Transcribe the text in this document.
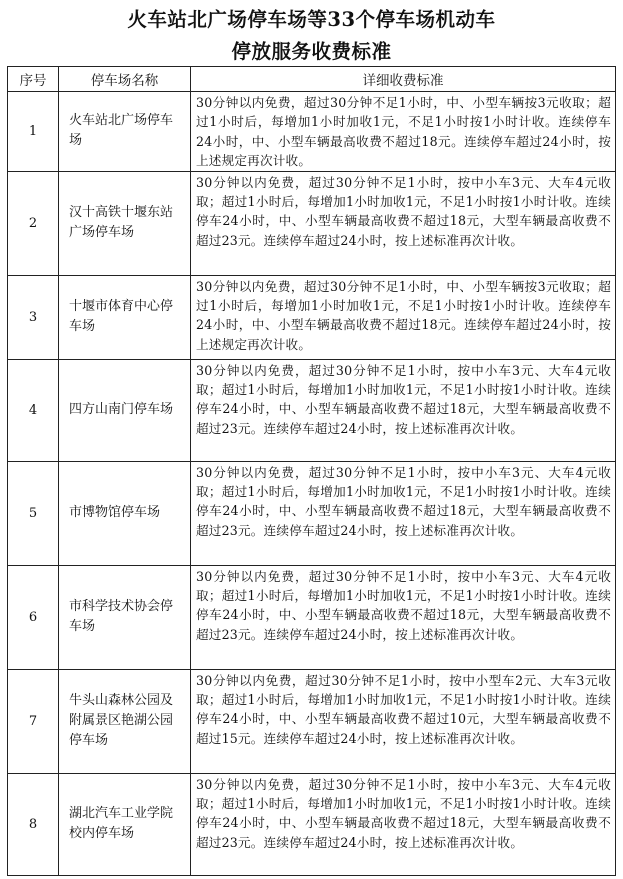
火车站北广场停车场等33个停车场机动车
停放服务收费标准
序号	停车场名称	详细收费标准
1	火车站北广场停车场	30分钟以内免费，超过30分钟不足1小时，中、小型车辆按3元收取；超过1小时后，每增加1小时加收1元，不足1小时按1小时计收。连续停车24小时，中、小型车辆最高收费不超过18元。连续停车超过24小时，按上述规定再次计收。
2	汉十高铁十堰东站广场停车场	30分钟以内免费，超过30分钟不足1小时，按中小车3元、大车4元收取；超过1小时后，每增加1小时加收1元，不足1小时按1小时计收。连续停车24小时，中、小型车辆最高收费不超过18元，大型车辆最高收费不超过23元。连续停车超过24小时，按上述标准再次计收。
3	十堰市体育中心停车场	30分钟以内免费，超过30分钟不足1小时，中、小型车辆按3元收取；超过1小时后，每增加1小时加收1元，不足1小时按1小时计收。连续停车24小时，中、小型车辆最高收费不超过18元。连续停车超过24小时，按上述规定再次计收。
4	四方山南门停车场	30分钟以内免费，超过30分钟不足1小时，按中小车3元、大车4元收取；超过1小时后，每增加1小时加收1元，不足1小时按1小时计收。连续停车24小时，中、小型车辆最高收费不超过18元，大型车辆最高收费不超过23元。连续停车超过24小时，按上述标准再次计收。
5	市博物馆停车场	30分钟以内免费，超过30分钟不足1小时，按中小车3元、大车4元收取；超过1小时后，每增加1小时加收1元，不足1小时按1小时计收。连续停车24小时，中、小型车辆最高收费不超过18元，大型车辆最高收费不超过23元。连续停车超过24小时，按上述标准再次计收。
6	市科学技术协会停车场	30分钟以内免费，超过30分钟不足1小时，按中小车3元、大车4元收取；超过1小时后，每增加1小时加收1元，不足1小时按1小时计收。连续停车24小时，中、小型车辆最高收费不超过18元，大型车辆最高收费不超过23元。连续停车超过24小时，按上述标准再次计收。
7	牛头山森林公园及附属景区艳湖公园停车场	30分钟以内免费，超过30分钟不足1小时，按中小型车2元、大车3元收取；超过1小时后，每增加1小时加收1元，不足1小时按1小时计收。连续停车24小时，中、小型车辆最高收费不超过10元，大型车辆最高收费不超过15元。连续停车超过24小时，按上述标准再次计收。
8	湖北汽车工业学院校内停车场	30分钟以内免费，超过30分钟不足1小时，按中小车3元、大车4元收取；超过1小时后，每增加1小时加收1元，不足1小时按1小时计收。连续停车24小时，中、小型车辆最高收费不超过18元，大型车辆最高收费不超过23元。连续停车超过24小时，按上述标准再次计收。
